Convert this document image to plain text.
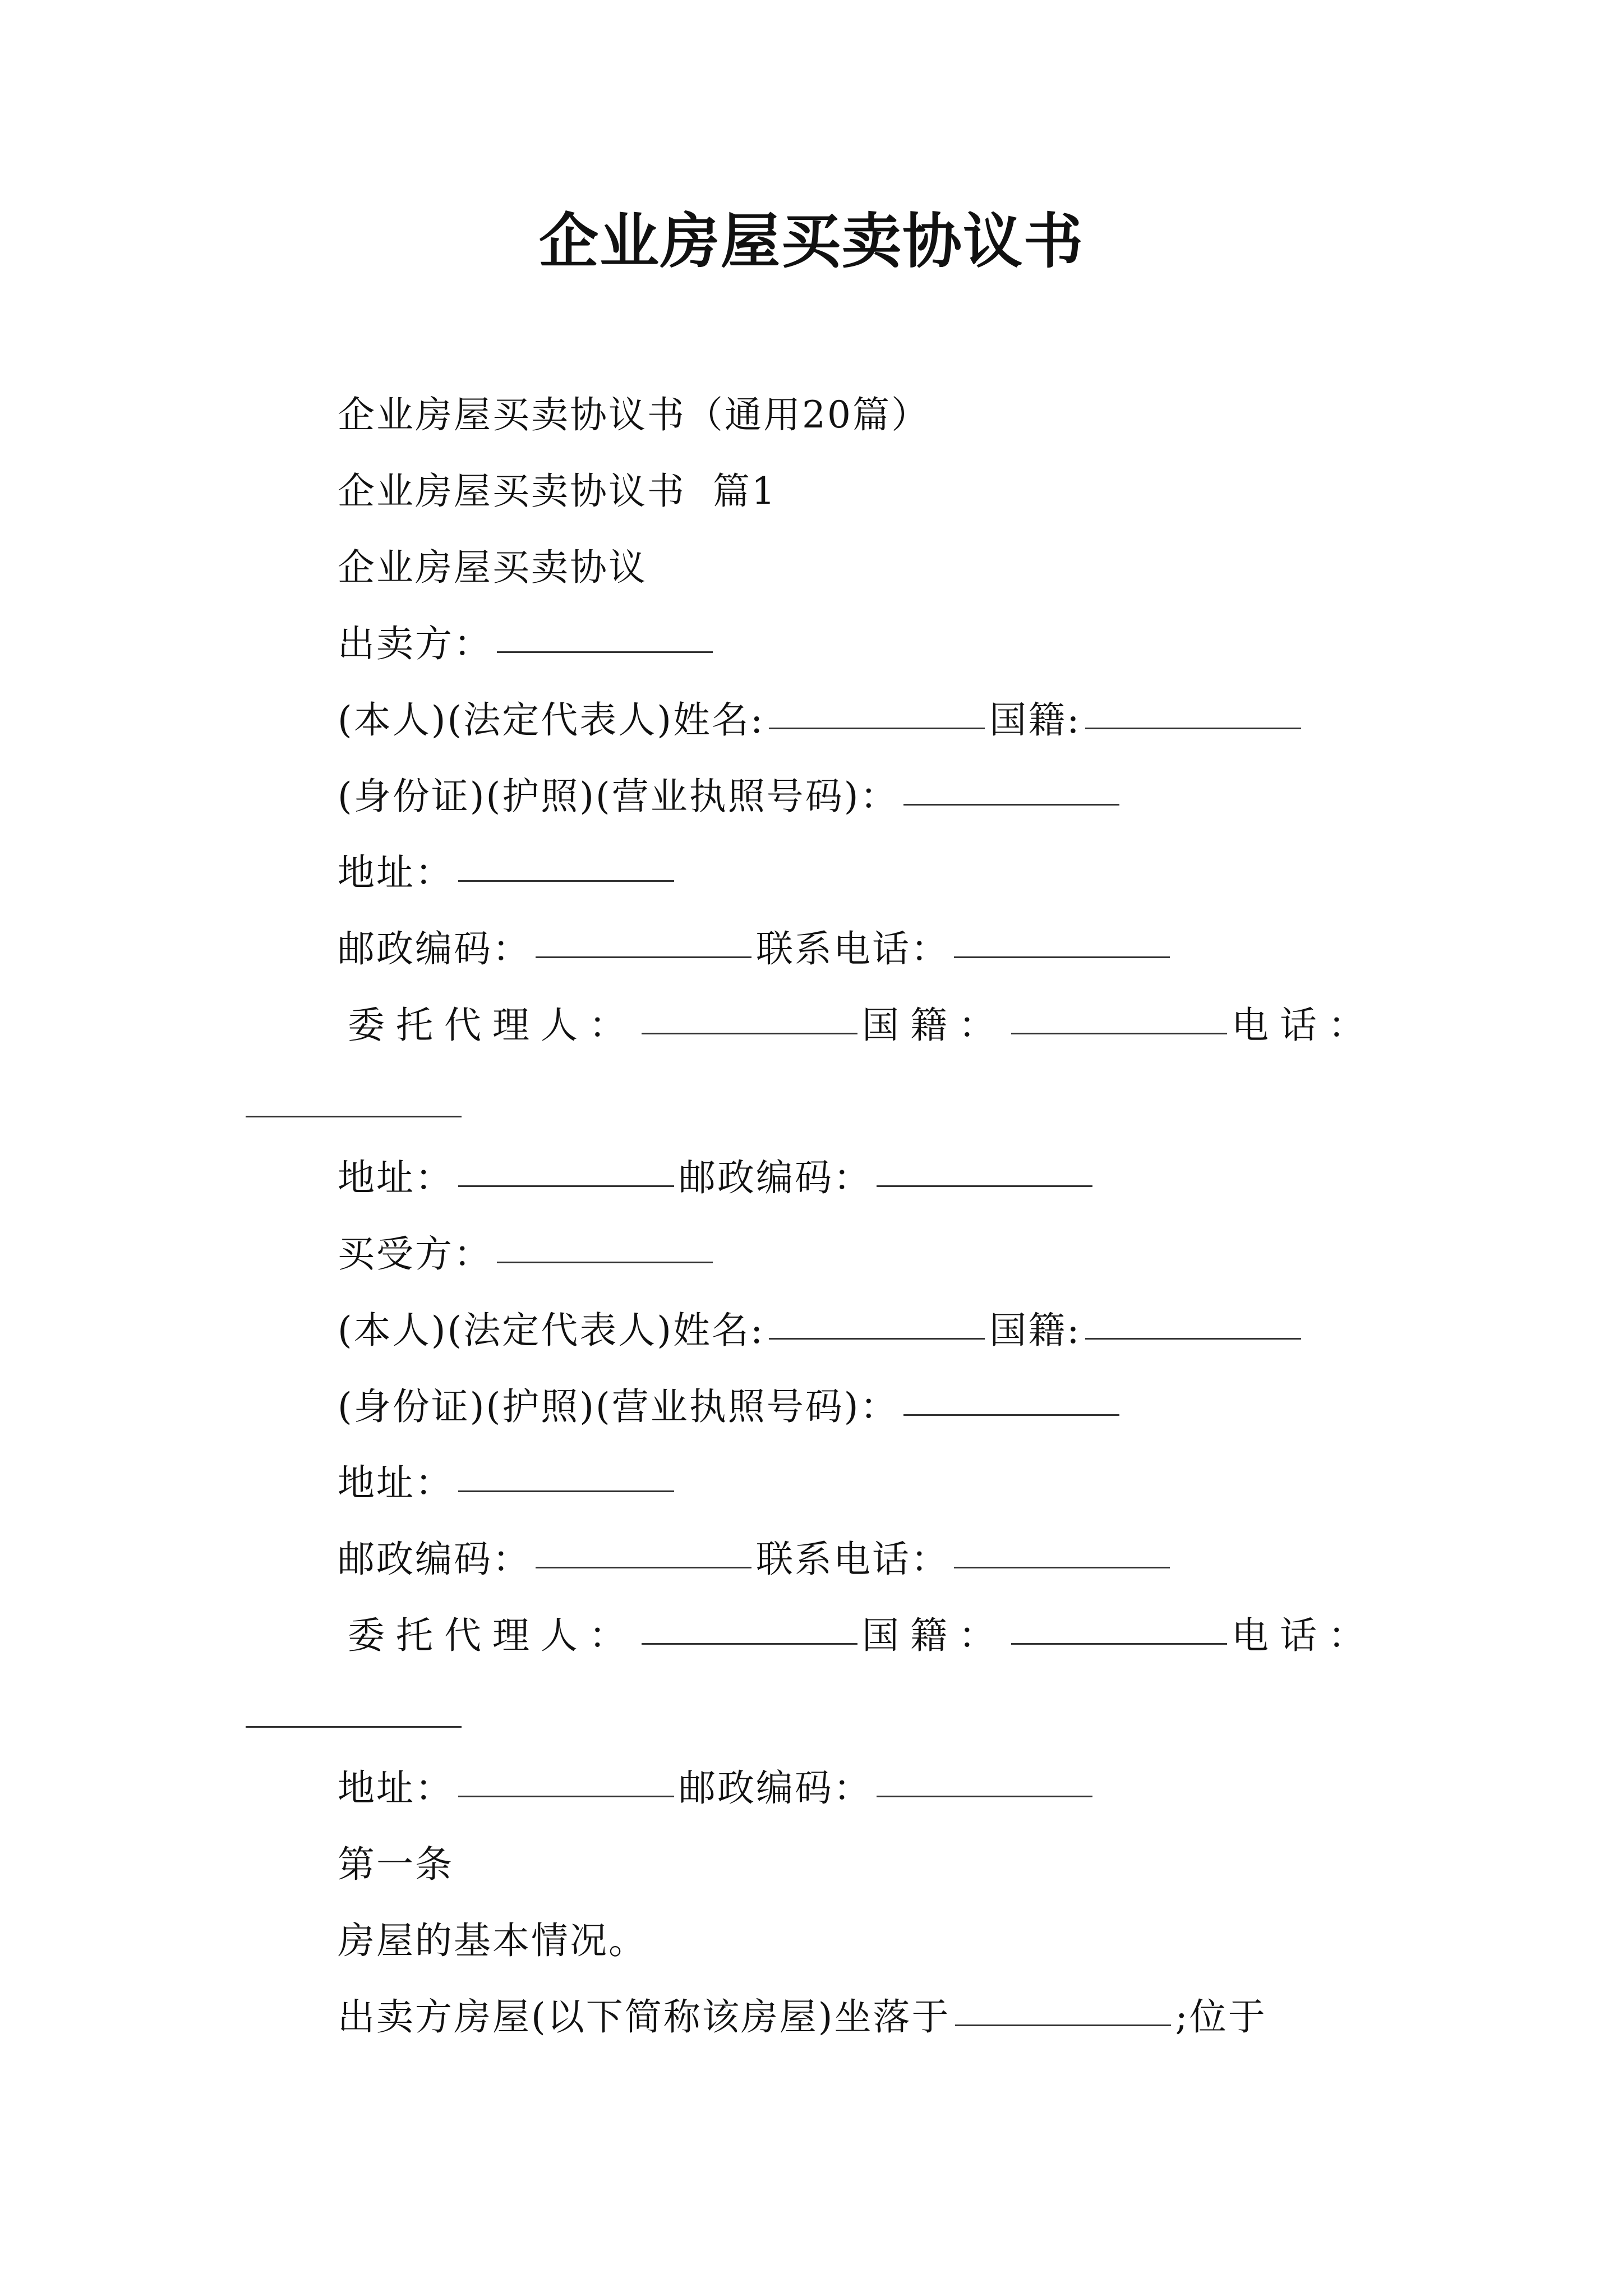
企业房屋买卖协议书
企业房屋买卖协议书（通用20篇）
企业房屋买卖协议书  篇1
企业房屋买卖协议
出卖方：
(本人)(法定代表人)姓名:	国籍:
(身份证)(护照)(营业执照号码)：
地址：
邮政编码：	联系电话：
委托代理人：	国籍：	电话：
地址：	邮政编码：
买受方：
(本人)(法定代表人)姓名:	国籍:
(身份证)(护照)(营业执照号码)：
地址：
邮政编码：	联系电话：
委托代理人：	国籍：	电话：
地址：	邮政编码：
第一条
房屋的基本情况。
出卖方房屋(以下简称该房屋)坐落于	;位于
